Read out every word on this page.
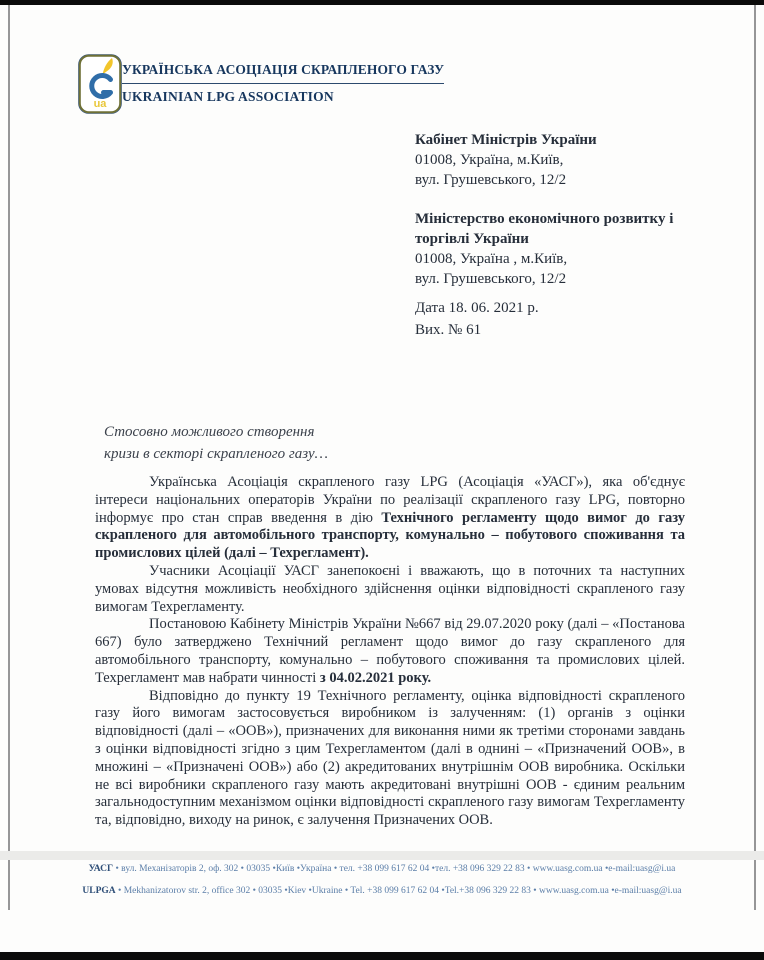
ua
УКРАЇНСЬКА АСОЦІАЦІЯ СКРАПЛЕНОГО ГАЗУ
UKRAINIAN LPG ASSOCIATION
Кабінет Міністрів України
01008, Україна, м.Київ,
вул. Грушевського, 12/2
Міністерство економічного розвитку і торгівлі України
01008, Україна , м.Київ,
вул. Грушевського, 12/2
Дата 18. 06. 2021 р.
Вих. № 61
Стосовно можливого створення
кризи в секторі скрапленого газу…

Українська Асоціація скрапленого газу LPG (Асоціація «УАСГ»), яка об'єднує інтереси національних операторів України по реалізації скрапленого газу LPG, повторно інформує про стан справ введення в дію Технічного регламенту щодо вимог до газу скрапленого для автомобільного транспорту, комунально – побутового споживання та промислових цілей (далі – Техрегламент).

Учасники Асоціації УАСГ занепокоєні і вважають, що в поточних та наступних умовах відсутня можливість необхідного здійснення оцінки відповідності скрапленого газу вимогам Техрегламенту.

Постановою Кабінету Міністрів України №667 від 29.07.2020 року (далі – «Постанова 667) було затверджено Технічний регламент щодо вимог до газу скрапленого для автомобільного транспорту, комунально – побутового споживання та промислових цілей. Техрегламент мав набрати чинності з 04.02.2021 року.

Відповідно до пункту 19 Технічного регламенту, оцінка відповідності скрапленого газу його вимогам застосовується виробником із залученням: (1) органів з оцінки відповідності (далі – «ООВ»), призначених для виконання ними як третіми сторонами завдань з оцінки відповідності згідно з цим Техрегламентом (далі в однині – «Призначений ООВ», в множині – «Призначені ООВ») або (2) акредитованих внутрішнім ООВ виробника. Оскільки не всі виробники скрапленого газу мають акредитовані внутрішні ООВ - єдиним реальним загальнодоступним механізмом оцінки відповідності скрапленого газу вимогам Техрегламенту та, відповідно, виходу на ринок, є залучення Призначених ООВ.

УАСГ • вул. Механізаторів 2, оф. 302 • 03035 •Київ •Україна • тел. +38 099 617 62 04 •тел. +38 096 329 22 83 • www.uasg.com.ua •e-mail:uasg@i.ua
ULPGA • Mekhanizatorov str. 2, office 302 • 03035 •Kiev •Ukraine • Tel. +38 099 617 62 04 •Tel.+38 096 329 22 83 • www.uasg.com.ua •e-mail:uasg@i.ua
